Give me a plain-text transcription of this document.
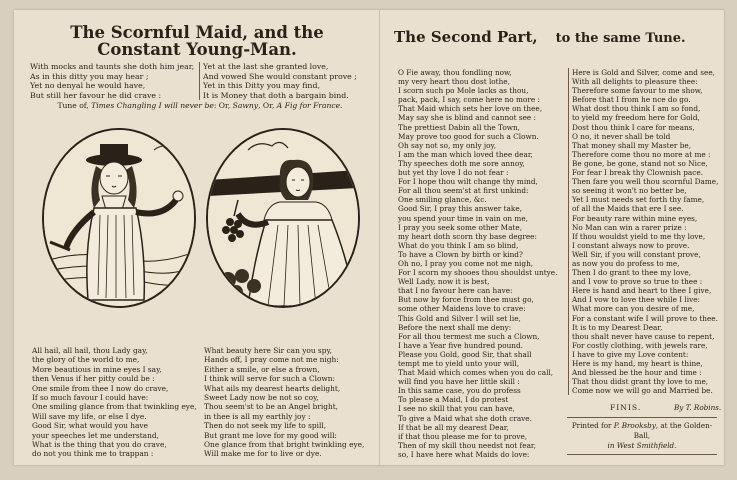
The Scornful Maid, and the Constant Young-Man.
With mocks and taunts she doth him jear,
As in this ditty you may hear ;
Yet no denyal he would have,
But still her favour he did crave :
Yet at the last she granted love,
And vowed She would constant prove ;
Yet in this Ditty you may find,
It is Money that doth a bargain bind.
Tune of, Times Changling I will never be: Or, Sawny, Or, A Fig for France.
All hail, all hail, thou Lady gay,
the glory of the world to me,
More beautious in mine eyes I say,
then Venus if her pitty could be :
One smile from thee I now do crave,
If so much favour I could have:
One smiling glance from that twinkling eye,
Will save my life, or else I dye.
Good Sir, what would you have
your speeches let me understand,
What is the thing that you do crave,
do not you think me to trappan :
What beauty here Sir can you spy,
Hands off, I pray come not me nigh:
Either a smile, or else a frown,
I think will serve for such a Clown:
What ails my dearest hearts delight,
Sweet Lady now be not so coy,
Thou seem'st to be an Angel bright,
in thee is all my earthly joy :
Then do not seek my life to spill,
But grant me love for my good will:
One glance from that bright twinkling eye,
Will make me for to live or dye.
The Second Part, to the same Tune.
O Fie away, thou fondling now,
my very heart thou dost lothe,
I scorn such po Mole lacks as thou,
pack, pack, I say, come here no more :
That Maid which sets her love on thee,
May say she is blind and cannot see :
The prettiest Dabin all the Town,
May prove too good for such a Clown.
Oh say not so, my only joy,
I am the man which loved thee dear,
Thy speeches doth me sore annoy,
but yet thy love I do not fear :
For I hope thou wilt change thy mind,
For all thou seem'st at first unkind:
One smiling glance, &c.
Good Sir, I pray this answer take,
you spend your time in vain on me,
I pray you seek some other Mate,
my heart doth scorn thy base degree:
What do you think I am so blind,
To have a Clown by birth or kind?
Oh no, I pray you come not me nigh,
For I scorn my shooes thou shouldst untye.
Well Lady, now it is best,
that I no favour here can have:
But now by force from thee must go,
some other Maidens love to crave:
This Gold and Silver I will set lie,
Before the next shall me deny:
For all thou termest me such a Clown,
I have a Year five hundred pound.
Please you Gold, good Sir, that shall
tempt me to yield unto your will,
That Maid which comes when you do call,
will find you have her little skill :
In this same case, you do profess
To please a Maid, I do protest
I see no skill that you can have,
To give a Maid what she doth crave.
If that be all my dearest Dear,
if that thou please me for to prove,
Then of my skill thou needst not fear,
so, I have here what Maids do love:
Here is Gold and Silver, come and see,
With all delights to pleasure thee:
Therefore some favour to me show,
Before that I from he nce do go.
What dost thou think I am so fond,
to yield my freedom here for Gold,
Dost thou think I care for means,
O no, it never shall be told
That money shall my Master be,
Therefore come thou no more at me :
Be gone, be gone, stand not so Nice,
For fear I break thy Clownish pace.
Then fare you well thou scornful Dame,
so seeing it won't no better be,
Yet I must needs set forth thy fame,
of all the Maids that ere I see.
For beauty rare within mine eyes,
No Man can win a rarer prize :
If thou wouldst yield to me thy love,
I constant always now to prove.
Well Sir, if you will constant prove,
as now you do profess to me,
Then I do grant to thee my love,
and I vow to prove so true to thee :
Here is hand and heart to thee I give,
And I vow to love thee while I live:
What more can you desire of me,
For a constant wife I will prove to thee.
It is to my Dearest Dear,
thou shalt never have cause to repent,
For costly clothing, with jewels rare,
I have to give my Love content:
Here is my hand, my heart is thine,
And blessed be the hour and time :
That thou didst grant thy love to me,
Come now we will go and Married be.
FINIS.	By T. Robins.
Printed for P. Brooksby, at the Golden-Ball,
in West Smithfield.
